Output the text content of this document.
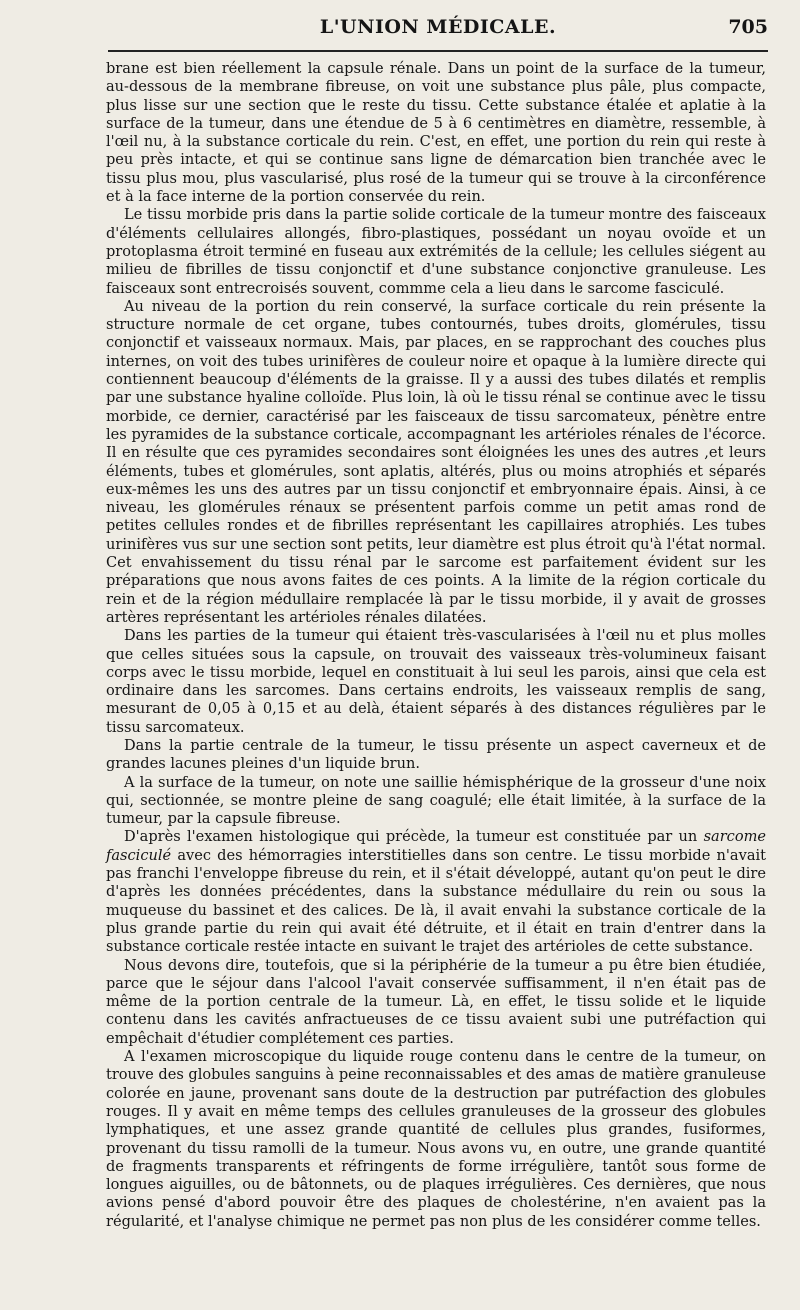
L'UNION MÉDICALE.	705

brane est bien réellement la capsule rénale. Dans un point de la surface de la tumeur, au-dessous de la membrane fibreuse, on voit une substance plus pâle, plus compacte, plus lisse sur une section que le reste du tissu. Cette substance étalée et aplatie à la surface de la tumeur, dans une étendue de 5 à 6 centimètres en diamètre, ressemble, à l'œil nu, à la substance corticale du rein. C'est, en effet, une portion du rein qui reste à peu près intacte, et qui se continue sans ligne de démarcation bien tranchée avec le tissu plus mou, plus vascularisé, plus rosé de la tumeur qui se trouve à la circonférence et à la face interne de la portion conservée du rein.

Le tissu morbide pris dans la partie solide corticale de la tumeur montre des faisceaux d'éléments cellulaires allongés, fibro-plastiques, possédant un noyau ovoïde et un protoplasma étroit terminé en fuseau aux extrémités de la cellule; les cellules siégent au milieu de fibrilles de tissu conjonctif et d'une substance conjonctive granuleuse. Les faisceaux sont entrecroisés souvent, commme cela a lieu dans le sarcome fasciculé.

Au niveau de la portion du rein conservé, la surface corticale du rein présente la structure normale de cet organe, tubes contournés, tubes droits, glomérules, tissu conjonctif et vaisseaux normaux. Mais, par places, en se rapprochant des couches plus internes, on voit des tubes urinifères de couleur noire et opaque à la lumière directe qui contiennent beaucoup d'éléments de la graisse. Il y a aussi des tubes dilatés et remplis par une substance hyaline colloïde. Plus loin, là où le tissu rénal se continue avec le tissu morbide, ce dernier, caractérisé par les faisceaux de tissu sarcomateux, pénètre entre les pyramides de la substance corticale, accompagnant les artérioles rénales de l'écorce. Il en résulte que ces pyramides secondaires sont éloignées les unes des autres ,et leurs éléments, tubes et glomérules, sont aplatis, altérés, plus ou moins atrophiés et séparés eux-mêmes les uns des autres par un tissu conjonctif et embryonnaire épais. Ainsi, à ce niveau, les glomérules rénaux se présentent parfois comme un petit amas rond de petites cellules rondes et de fibrilles représentant les capillaires atrophiés. Les tubes urinifères vus sur une section sont petits, leur diamètre est plus étroit qu'à l'état normal. Cet envahissement du tissu rénal par le sarcome est parfaitement évident sur les préparations que nous avons faites de ces points. A la limite de la région corticale du rein et de la région médullaire remplacée là par le tissu morbide, il y avait de grosses artères représentant les artérioles rénales dilatées.

Dans les parties de la tumeur qui étaient très-vascularisées à l'œil nu et plus molles que celles situées sous la capsule, on trouvait des vaisseaux très-volumineux faisant corps avec le tissu morbide, lequel en constituait à lui seul les parois, ainsi que cela est ordinaire dans les sarcomes. Dans certains endroits, les vaisseaux remplis de sang, mesurant de 0,05 à 0,15 et au delà, étaient séparés à des distances régulières par le tissu sarcomateux.

Dans la partie centrale de la tumeur, le tissu présente un aspect caverneux et de grandes lacunes pleines d'un liquide brun.

A la surface de la tumeur, on note une saillie hémisphérique de la grosseur d'une noix qui, sectionnée, se montre pleine de sang coagulé; elle était limitée, à la surface de la tumeur, par la capsule fibreuse.

D'après l'examen histologique qui précède, la tumeur est constituée par un sarcome fasciculé avec des hémorragies interstitielles dans son centre. Le tissu morbide n'avait pas franchi l'enveloppe fibreuse du rein, et il s'était développé, autant qu'on peut le dire d'après les données précédentes, dans la substance médullaire du rein ou sous la muqueuse du bassinet et des calices. De là, il avait envahi la substance corticale de la plus grande partie du rein qui avait été détruite, et il était en train d'entrer dans la substance corticale restée intacte en suivant le trajet des artérioles de cette substance.

Nous devons dire, toutefois, que si la périphérie de la tumeur a pu être bien étudiée, parce que le séjour dans l'alcool l'avait conservée suffisamment, il n'en était pas de même de la portion centrale de la tumeur. Là, en effet, le tissu solide et le liquide contenu dans les cavités anfractueuses de ce tissu avaient subi une putréfaction qui empêchait d'étudier complétement ces parties.

A l'examen microscopique du liquide rouge contenu dans le centre de la tumeur, on trouve des globules sanguins à peine reconnaissables et des amas de matière granuleuse colorée en jaune, provenant sans doute de la destruction par putréfaction des globules rouges. Il y avait en même temps des cellules granuleuses de la grosseur des globules lymphatiques, et une assez grande quantité de cellules plus grandes, fusiformes, provenant du tissu ramolli de la tumeur. Nous avons vu, en outre, une grande quantité de fragments transparents et réfringents de forme irrégulière, tantôt sous forme de longues aiguilles, ou de bâtonnets, ou de plaques irrégulières. Ces dernières, que nous avions pensé d'abord pouvoir être des plaques de cholestérine, n'en avaient pas la régularité, et l'analyse chimique ne permet pas non plus de les considérer comme telles.
